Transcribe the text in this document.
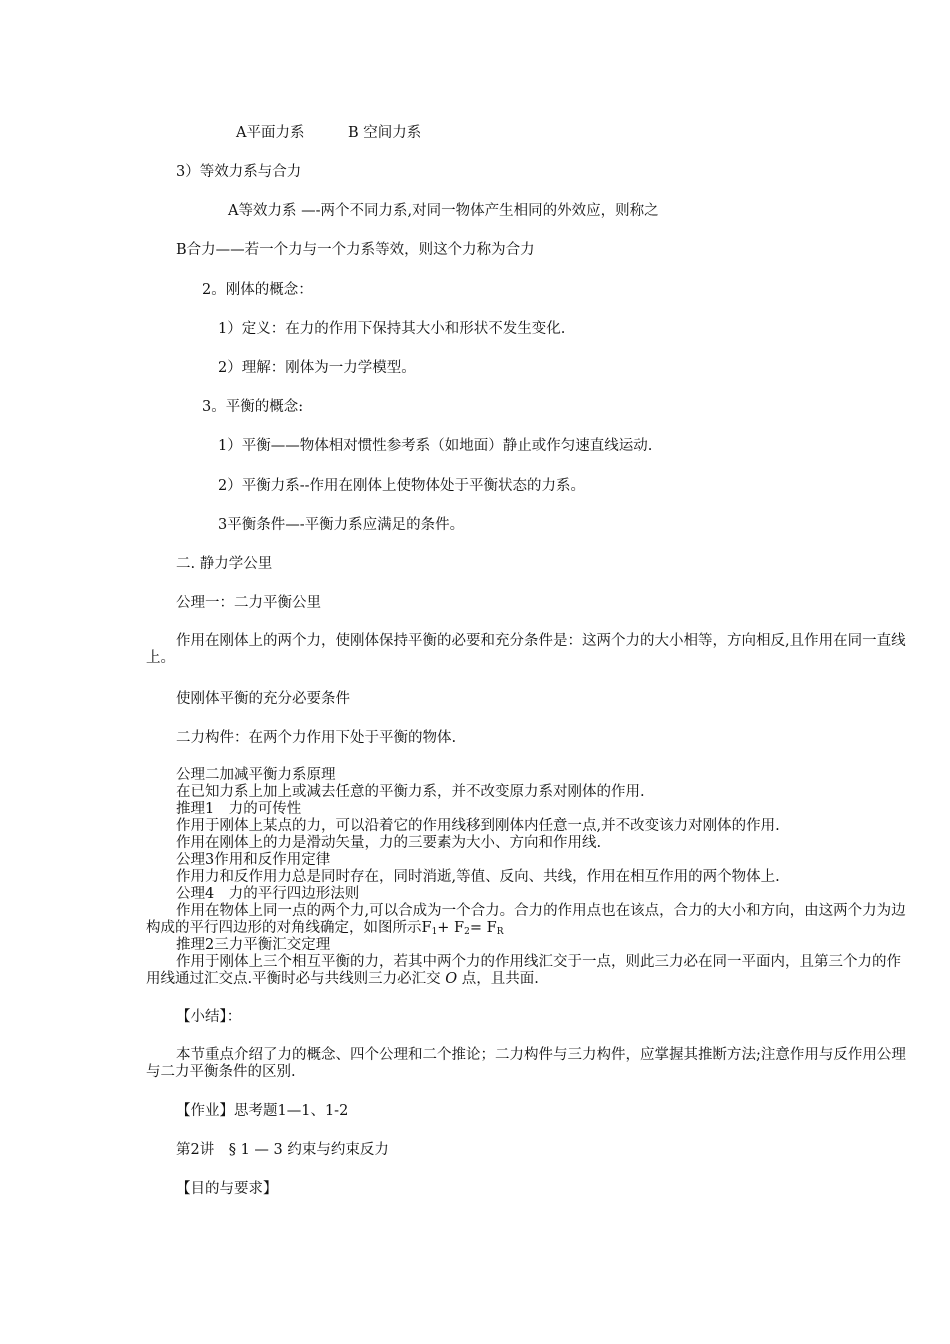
A平面力系　　　B 空间力系
3）等效力系与合力
A等效力系 —-两个不同力系,对同一物体产生相同的外效应，则称之
B合力——若一个力与一个力系等效，则这个力称为合力
2。刚体的概念：
1）定义：在力的作用下保持其大小和形状不发生变化.
2）理解：刚体为一力学模型。
3。平衡的概念:
1）平衡——物体相对惯性参考系（如地面）静止或作匀速直线运动.
2）平衡力系--作用在刚体上使物体处于平衡状态的力系。
3平衡条件—-平衡力系应满足的条件。
二. 静力学公里
公理一：二力平衡公里
作用在刚体上的两个力，使刚体保持平衡的必要和充分条件是：这两个力的大小相等，方向相反,且作用在同一直线上。
使刚体平衡的充分必要条件
二力构件：在两个力作用下处于平衡的物体.
公理二加减平衡力系原理
在已知力系上加上或减去任意的平衡力系，并不改变原力系对刚体的作用.
推理1　力的可传性
作用于刚体上某点的力，可以沿着它的作用线移到刚体内任意一点,并不改变该力对刚体的作用.
作用在刚体上的力是滑动矢量，力的三要素为大小、方向和作用线.
公理3作用和反作用定律
作用力和反作用力总是同时存在，同时消逝,等值、反向、共线，作用在相互作用的两个物体上.
公理4　力的平行四边形法则
作用在物体上同一点的两个力,可以合成为一个合力。合力的作用点也在该点，合力的大小和方向，由这两个力为边构成的平行四边形的对角线确定，如图所示$F_1+ F_2= F_R$
推理2三力平衡汇交定理
作用于刚体上三个相互平衡的力，若其中两个力的作用线汇交于一点，则此三力必在同一平面内，且第三个力的作用线通过汇交点.平衡时必与共线则三力必汇交 O 点，且共面.
【小结】：
本节重点介绍了力的概念、四个公理和二个推论；二力构件与三力构件，应掌握其推断方法;注意作用与反作用公理与二力平衡条件的区别.
【作业】思考题1—1、1-2
第2讲　§ 1 — 3 约束与约束反力
【目的与要求】
